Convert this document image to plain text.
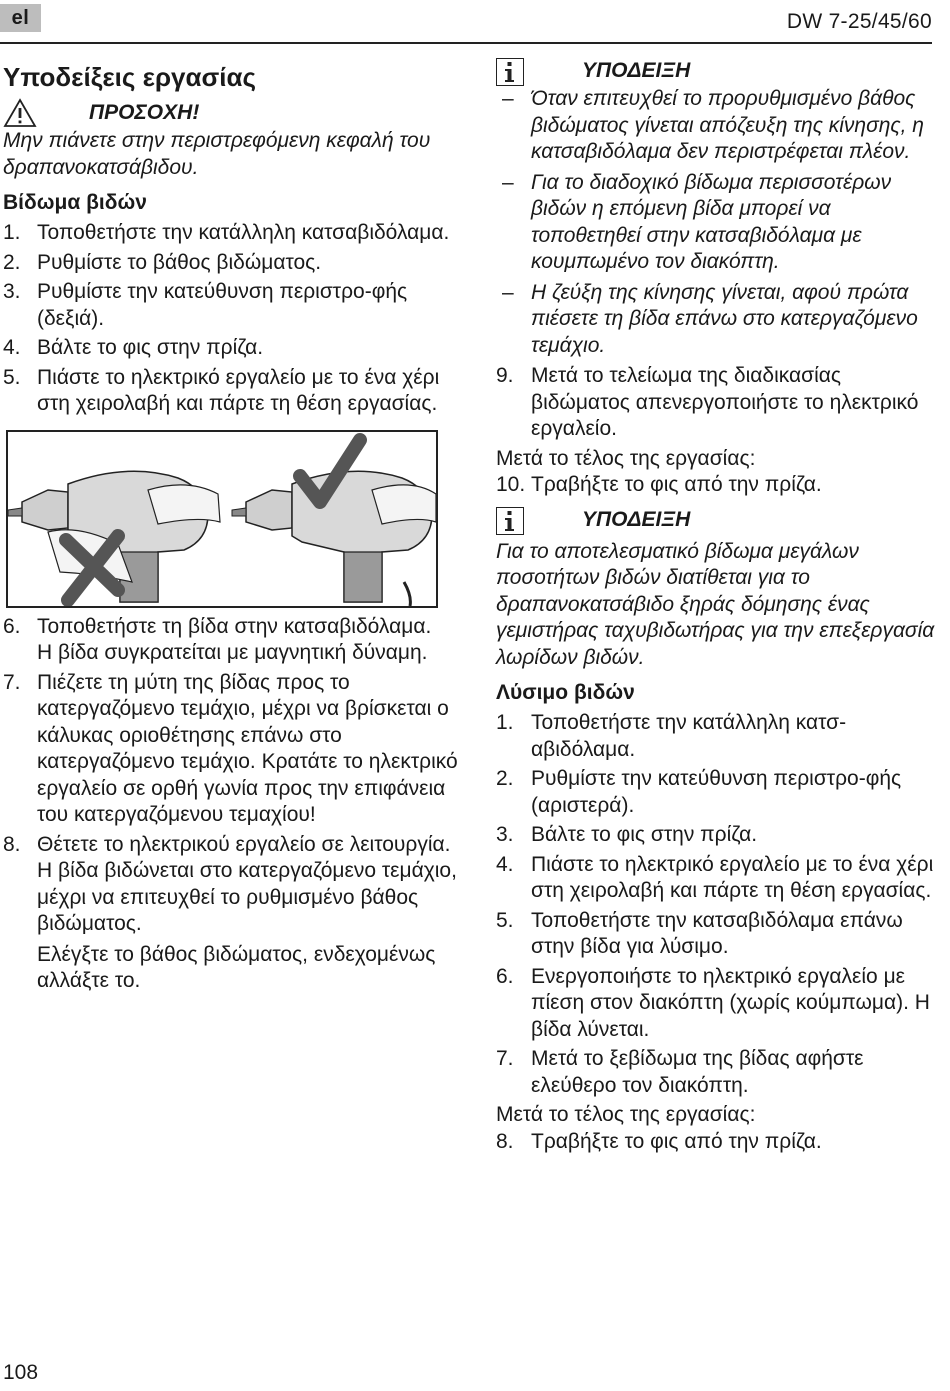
el	DW 7-25/45/60
Υποδείξεις εργασίας
ΠΡΟΣΟΧΗ!

Μην πιάνετε στην περιστρεφόμενη κεφαλή του δραπανοκατσάβιδου.

Βίδωμα βιδών
1. Τοποθετήστε την κατάλληλη κατσαβιδόλαμα.
2. Ρυθμίστε το βάθος βιδώματος.
3. Ρυθμίστε την κατεύθυνση περιστρο-φής (δεξιά).
4. Βάλτε το φις στην πρίζα.
5. Πιάστε το ηλεκτρικό εργαλείο με το ένα χέρι στη χειρολαβή και πάρτε τη θέση εργασίας.
6. Τοποθετήστε τη βίδα στην κατσαβιδόλαμα.
Η βίδα συγκρατείται με μαγνητική δύναμη.
7. Πιέζετε τη μύτη της βίδας προς το κατεργαζόμενο τεμάχιο, μέχρι να βρίσκεται ο κάλυκας οριοθέτησης επάνω στο κατεργαζόμενο τεμάχιο. Κρατάτε το ηλεκτρικό εργαλείο σε ορθή γωνία προς την επιφάνεια του κατεργαζόμενου τεμαχίου!
8. Θέτετε το ηλεκτρικού εργαλείο σε λειτουργία.
Η βίδα βιδώνεται στο κατεργαζόμενο τεμάχιο, μέχρι να επιτευχθεί το ρυθμισμένο βάθος βιδώματος.
Ελέγξτε το βάθος βιδώματος, ενδεχομένως αλλάξτε το.
ΥΠΟΔΕΙΞΗ
– Όταν επιτευχθεί το προρυθμισμένο βάθος βιδώματος γίνεται απόζευξη της κίνησης, η κατσαβιδόλαμα δεν περιστρέφεται πλέον.
– Για το διαδοχικό βίδωμα περισσοτέρων βιδών η επόμενη βίδα μπορεί να τοποθετηθεί στην κατσαβιδόλαμα με κουμπωμένο τον διακόπτη.
– Η ζεύξη της κίνησης γίνεται, αφού πρώτα πιέσετε τη βίδα επάνω στο κατεργαζόμενο τεμάχιο.
9. Μετά το τελείωμα της διαδικασίας βιδώματος απενεργοποιήστε το ηλεκτρικό εργαλείο.

Μετά το τέλος της εργασίας:

10. Τραβήξτε το φις από την πρίζα.
ΥΠΟΔΕΙΞΗ

Για το αποτελεσματικό βίδωμα μεγάλων ποσοτήτων βιδών διατίθεται για το δραπανοκατσάβιδο ξηράς δόμησης ένας γεμιστήρας ταχυβιδωτήρας για την επεξεργασία λωρίδων βιδών.

Λύσιμο βιδών
1. Τοποθετήστε την κατάλληλη κατσ-αβιδόλαμα.
2. Ρυθμίστε την κατεύθυνση περιστρο-φής (αριστερά).
3. Βάλτε το φις στην πρίζα.
4. Πιάστε το ηλεκτρικό εργαλείο με το ένα χέρι στη χειρολαβή και πάρτε τη θέση εργασίας.
5. Τοποθετήστε την κατσαβιδόλαμα επάνω στην βίδα για λύσιμο.
6. Ενεργοποιήστε το ηλεκτρικό εργαλείο με πίεση στον διακόπτη (χωρίς κούμπωμα). Η βίδα λύνεται.
7. Μετά το ξεβίδωμα της βίδας αφήστε ελεύθερο τον διακόπτη.

Μετά το τέλος της εργασίας:

8. Τραβήξτε το φις από την πρίζα.
108
